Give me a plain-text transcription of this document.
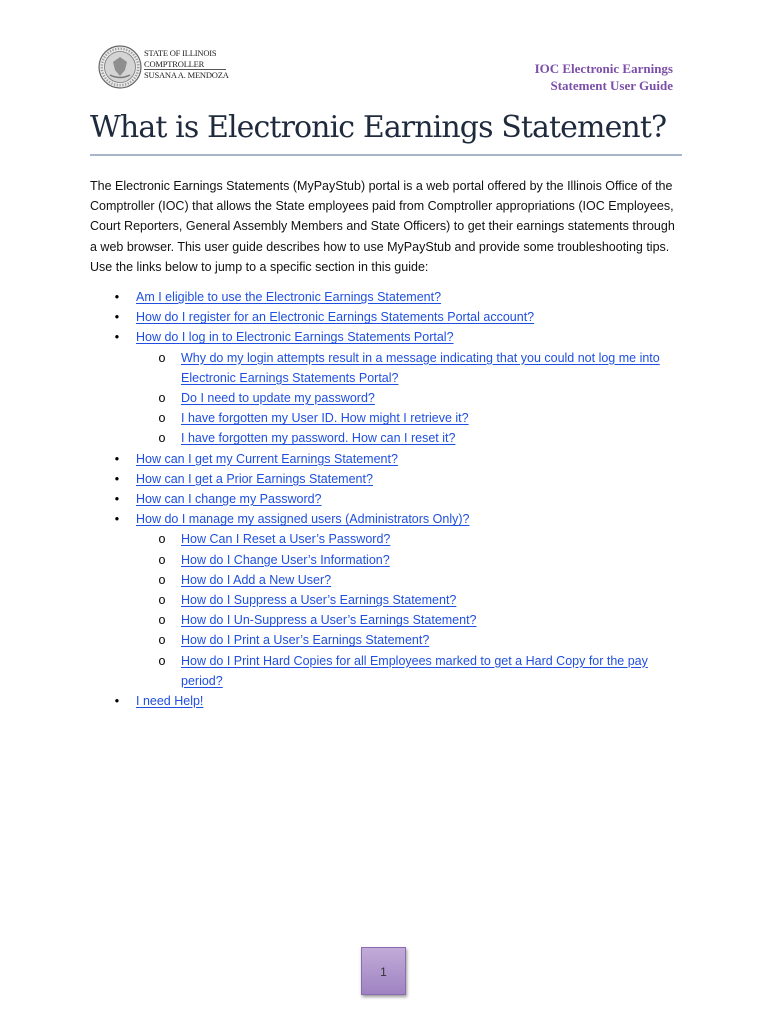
STATE OF ILLINOIS
COMPTROLLER
SUSANA A. MENDOZA	IOC Electronic Earnings
Statement User Guide
What is Electronic Earnings Statement?

The Electronic Earnings Statements (MyPayStub) portal is a web portal offered by the Illinois Office of the Comptroller (IOC) that allows the State employees paid from Comptroller appropriations (IOC Employees, Court Reporters, General Assembly Members and State Officers) to get their earnings statements through a web browser. This user guide describes how to use MyPayStub and provide some troubleshooting tips. Use the links below to jump to a specific section in this guide:

•	Am I eligible to use the Electronic Earnings Statement?
•	How do I register for an Electronic Earnings Statements Portal account?
•	How do I log in to Electronic Earnings Statements Portal?
o Why do my login attempts result in a message indicating that you could not log me into Electronic Earnings Statements Portal?
o Do I need to update my password?
o I have forgotten my User ID. How might I retrieve it?
o I have forgotten my password. How can I reset it?
•	How can I get my Current Earnings Statement?
•	How can I get a Prior Earnings Statement?
•	How can I change my Password?
•	How do I manage my assigned users (Administrators Only)?
o How Can I Reset a User’s Password?
o How do I Change User’s Information?
o How do I Add a New User?
o How do I Suppress a User’s Earnings Statement?
o How do I Un-Suppress a User’s Earnings Statement?
o How do I Print a User’s Earnings Statement?
o How do I Print Hard Copies for all Employees marked to get a Hard Copy for the pay period?
•	I need Help!
1
